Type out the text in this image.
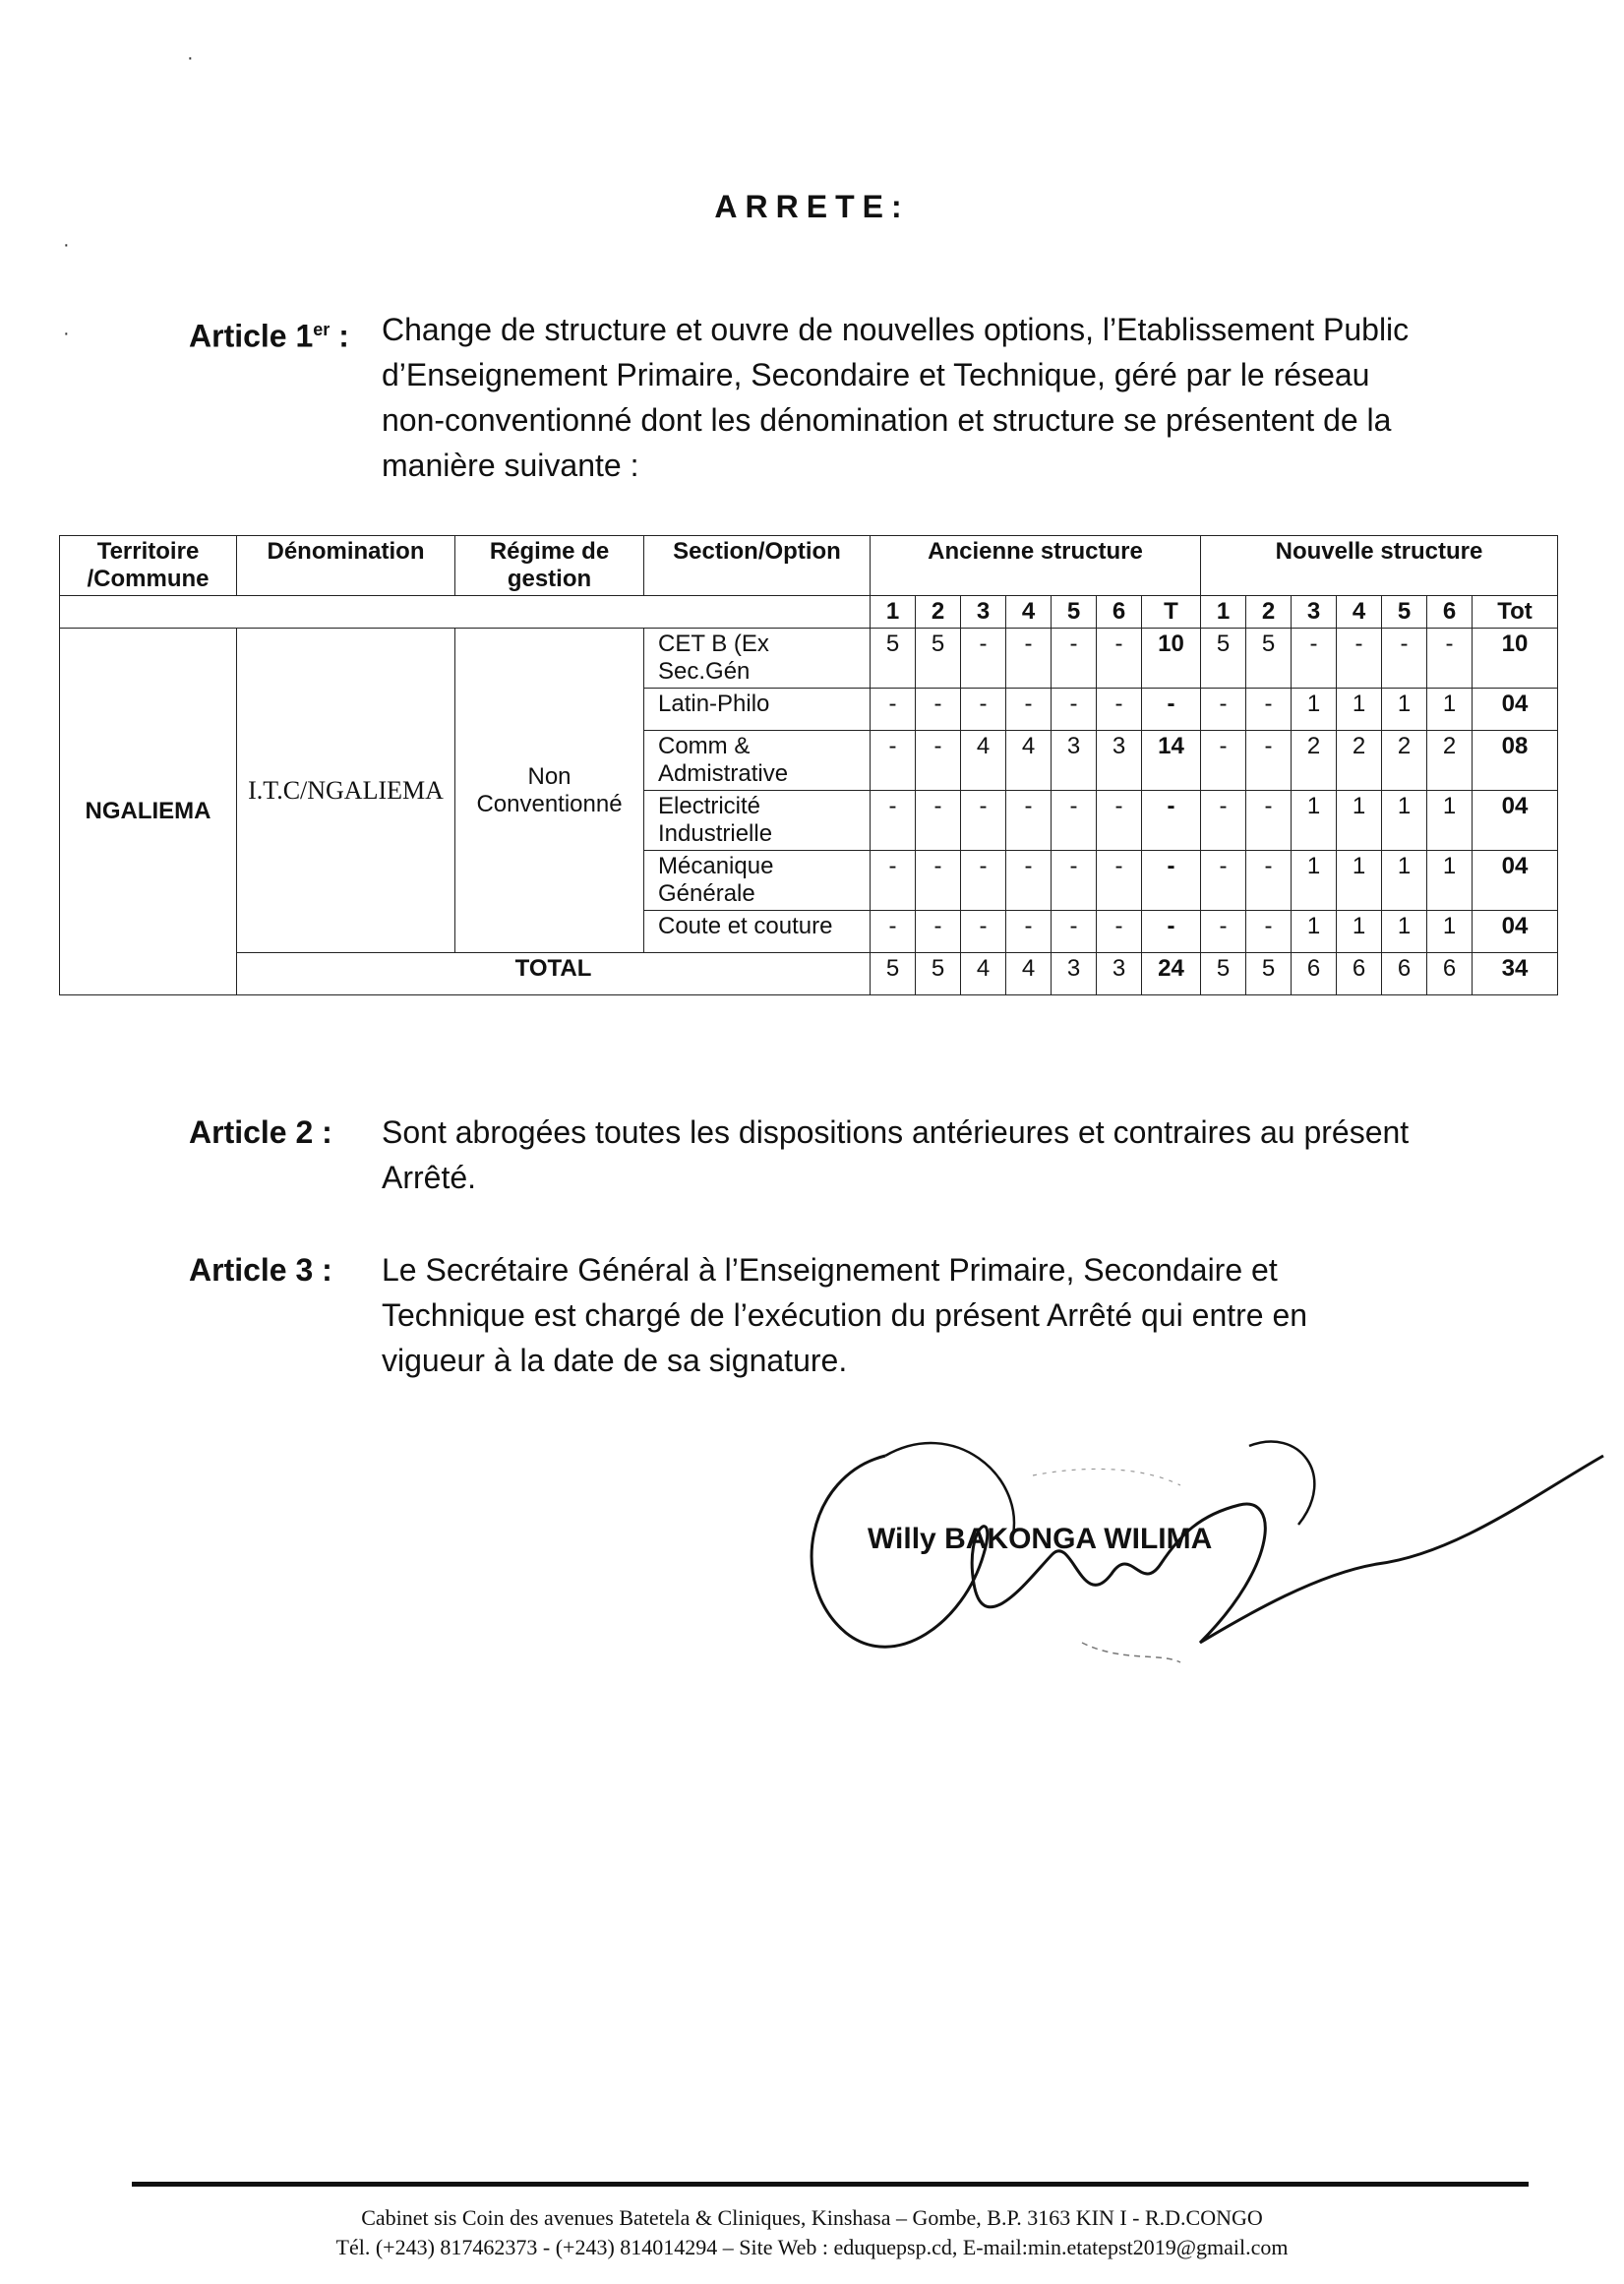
·
·
·
ARRETE:
Article 1er : Change de structure et ouvre de nouvelles options, l’Etablissement Public d’Enseignement Primaire, Secondaire et Technique, géré par le réseau non-conventionné dont les dénomination et structure se présentent de la manière suivante :
Territoire /Commune	Dénomination	Régime de gestion	Section/Option	Ancienne structure							Nouvelle structure						
				1	2	3	4	5	6	T	1	2	3	4	5	6	Tot
NGALIEMA	I.T.C/NGALIEMA	Non Conventionné	CET B (Ex Sec.Gén	5	5	-	-	-	-	10	5	5	-	-	-	-	10
			Latin-Philo	-	-	-	-	-	-	-	-	-	1	1	1	1	04
			Comm & Admistrative	-	-	4	4	3	3	14	-	-	2	2	2	2	08
			Electricité Industrielle	-	-	-	-	-	-	-	-	-	1	1	1	1	04
			Mécanique Générale	-	-	-	-	-	-	-	-	-	1	1	1	1	04
			Coute et couture	-	-	-	-	-	-	-	-	-	1	1	1	1	04
	TOTAL			5	5	4	4	3	3	24	5	5	6	6	6	6	34
Article 2 : Sont abrogées toutes les dispositions antérieures et contraires au présent Arrêté.
Article 3 : Le Secrétaire Général à l’Enseignement Primaire, Secondaire et Technique est chargé de l’exécution du présent Arrêté qui entre en vigueur à la date de sa signature.
Willy BAKONGA WILIMA
Cabinet sis Coin des avenues Batetela & Cliniques, Kinshasa – Gombe, B.P. 3163 KIN I - R.D.CONGO
Tél. (+243) 817462373 - (+243) 814014294 – Site Web : eduquepsp.cd, E-mail:min.etatepst2019@gmail.com
